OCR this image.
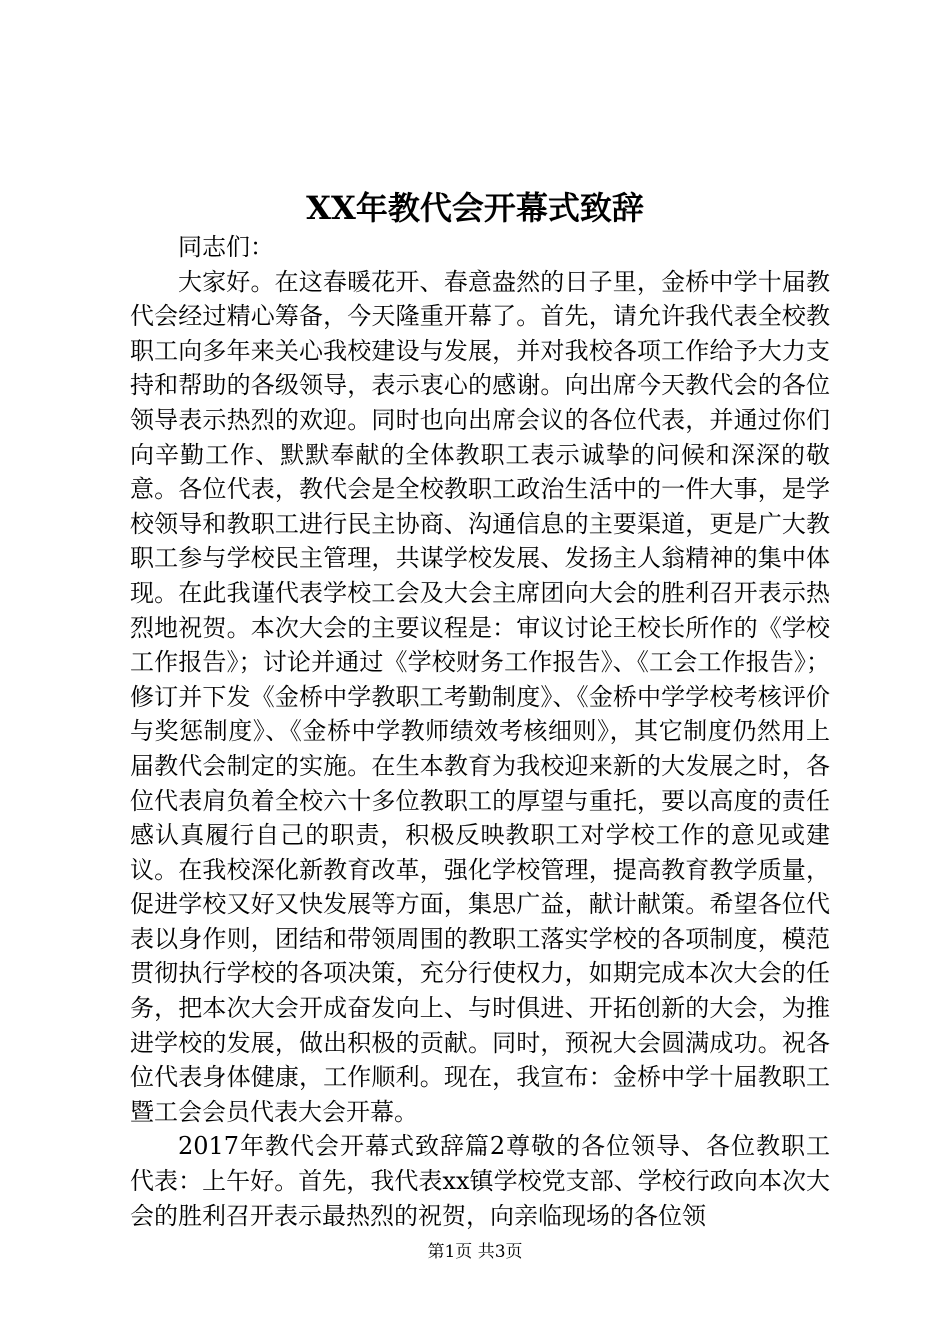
XX年教代会开幕式致辞

同志们：

大家好。在这春暖花开、春意盎然的日子里，金桥中学十届教代会经过精心筹备，今天隆重开幕了。首先，请允许我代表全校教职工向多年来关心我校建设与发展，并对我校各项工作给予大力支持和帮助的各级领导，表示衷心的感谢。向出席今天教代会的各位领导表示热烈的欢迎。同时也向出席会议的各位代表，并通过你们向辛勤工作、默默奉献的全体教职工表示诚挚的问候和深深的敬意。各位代表，教代会是全校教职工政治生活中的一件大事，是学校领导和教职工进行民主协商、沟通信息的主要渠道，更是广大教职工参与学校民主管理，共谋学校发展、发扬主人翁精神的集中体现。在此我谨代表学校工会及大会主席团向大会的胜利召开表示热烈地祝贺。本次大会的主要议程是：审议讨论王校长所作的《学校工作报告》；讨论并通过《学校财务工作报告》、《工会工作报告》；修订并下发《金桥中学教职工考勤制度》、《金桥中学学校考核评价与奖惩制度》、《金桥中学教师绩效考核细则》，其它制度仍然用上届教代会制定的实施。在生本教育为我校迎来新的大发展之时，各位代表肩负着全校六十多位教职工的厚望与重托，要以高度的责任感认真履行自己的职责，积极反映教职工对学校工作的意见或建议。在我校深化新教育改革，强化学校管理，提高教育教学质量，促进学校又好又快发展等方面，集思广益，献计献策。希望各位代表以身作则，团结和带领周围的教职工落实学校的各项制度，模范贯彻执行学校的各项决策，充分行使权力，如期完成本次大会的任务，把本次大会开成奋发向上、与时俱进、开拓创新的大会，为推进学校的发展，做出积极的贡献。同时，预祝大会圆满成功。祝各位代表身体健康，工作顺利。现在，我宣布：金桥中学十届教职工暨工会会员代表大会开幕。

2017年教代会开幕式致辞篇2尊敬的各位领导、各位教职工代表：上午好。首先，我代表xx镇学校党支部、学校行政向本次大会的胜利召开表示最热烈的祝贺，向亲临现场的各位领

第1页 共3页
